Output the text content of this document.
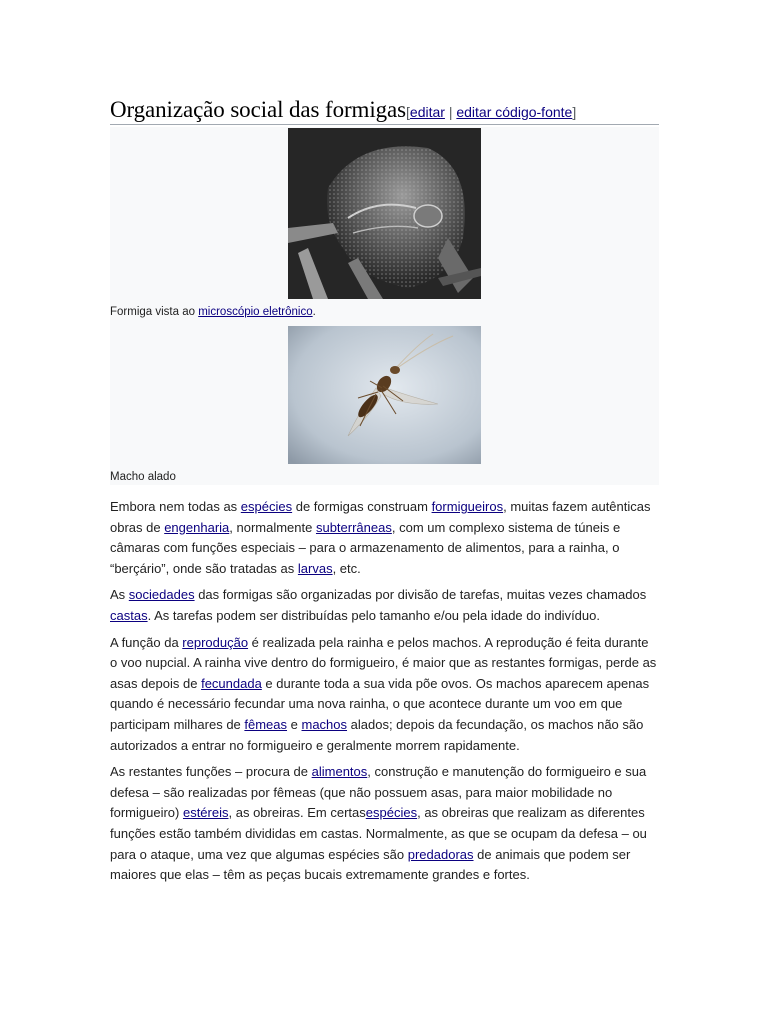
Organização social das formigas [editar | editar código-fonte]
Formiga vista ao microscópio eletrônico.
Macho alado

Embora nem todas as espécies de formigas construam formigueiros, muitas fazem autênticas obras de engenharia, normalmente subterrâneas, com um complexo sistema de túneis e câmaras com funções especiais – para o armazenamento de alimentos, para a rainha, o “berçário”, onde são tratadas as larvas, etc.

As sociedades das formigas são organizadas por divisão de tarefas, muitas vezes chamados castas. As tarefas podem ser distribuídas pelo tamanho e/ou pela idade do indivíduo.

A função da reprodução é realizada pela rainha e pelos machos. A reprodução é feita durante o voo nupcial. A rainha vive dentro do formigueiro, é maior que as restantes formigas, perde as asas depois de fecundada e durante toda a sua vida põe ovos. Os machos aparecem apenas quando é necessário fecundar uma nova rainha, o que acontece durante um voo em que participam milhares de fêmeas e machos alados; depois da fecundação, os machos não são autorizados a entrar no formigueiro e geralmente morrem rapidamente.

As restantes funções – procura de alimentos, construção e manutenção do formigueiro e sua defesa – são realizadas por fêmeas (que não possuem asas, para maior mobilidade no formigueiro) estéreis, as obreiras. Em certasespécies, as obreiras que realizam as diferentes funções estão também divididas em castas. Normalmente, as que se ocupam da defesa – ou para o ataque, uma vez que algumas espécies são predadoras de animais que podem ser maiores que elas – têm as peças bucais extremamente grandes e fortes.
